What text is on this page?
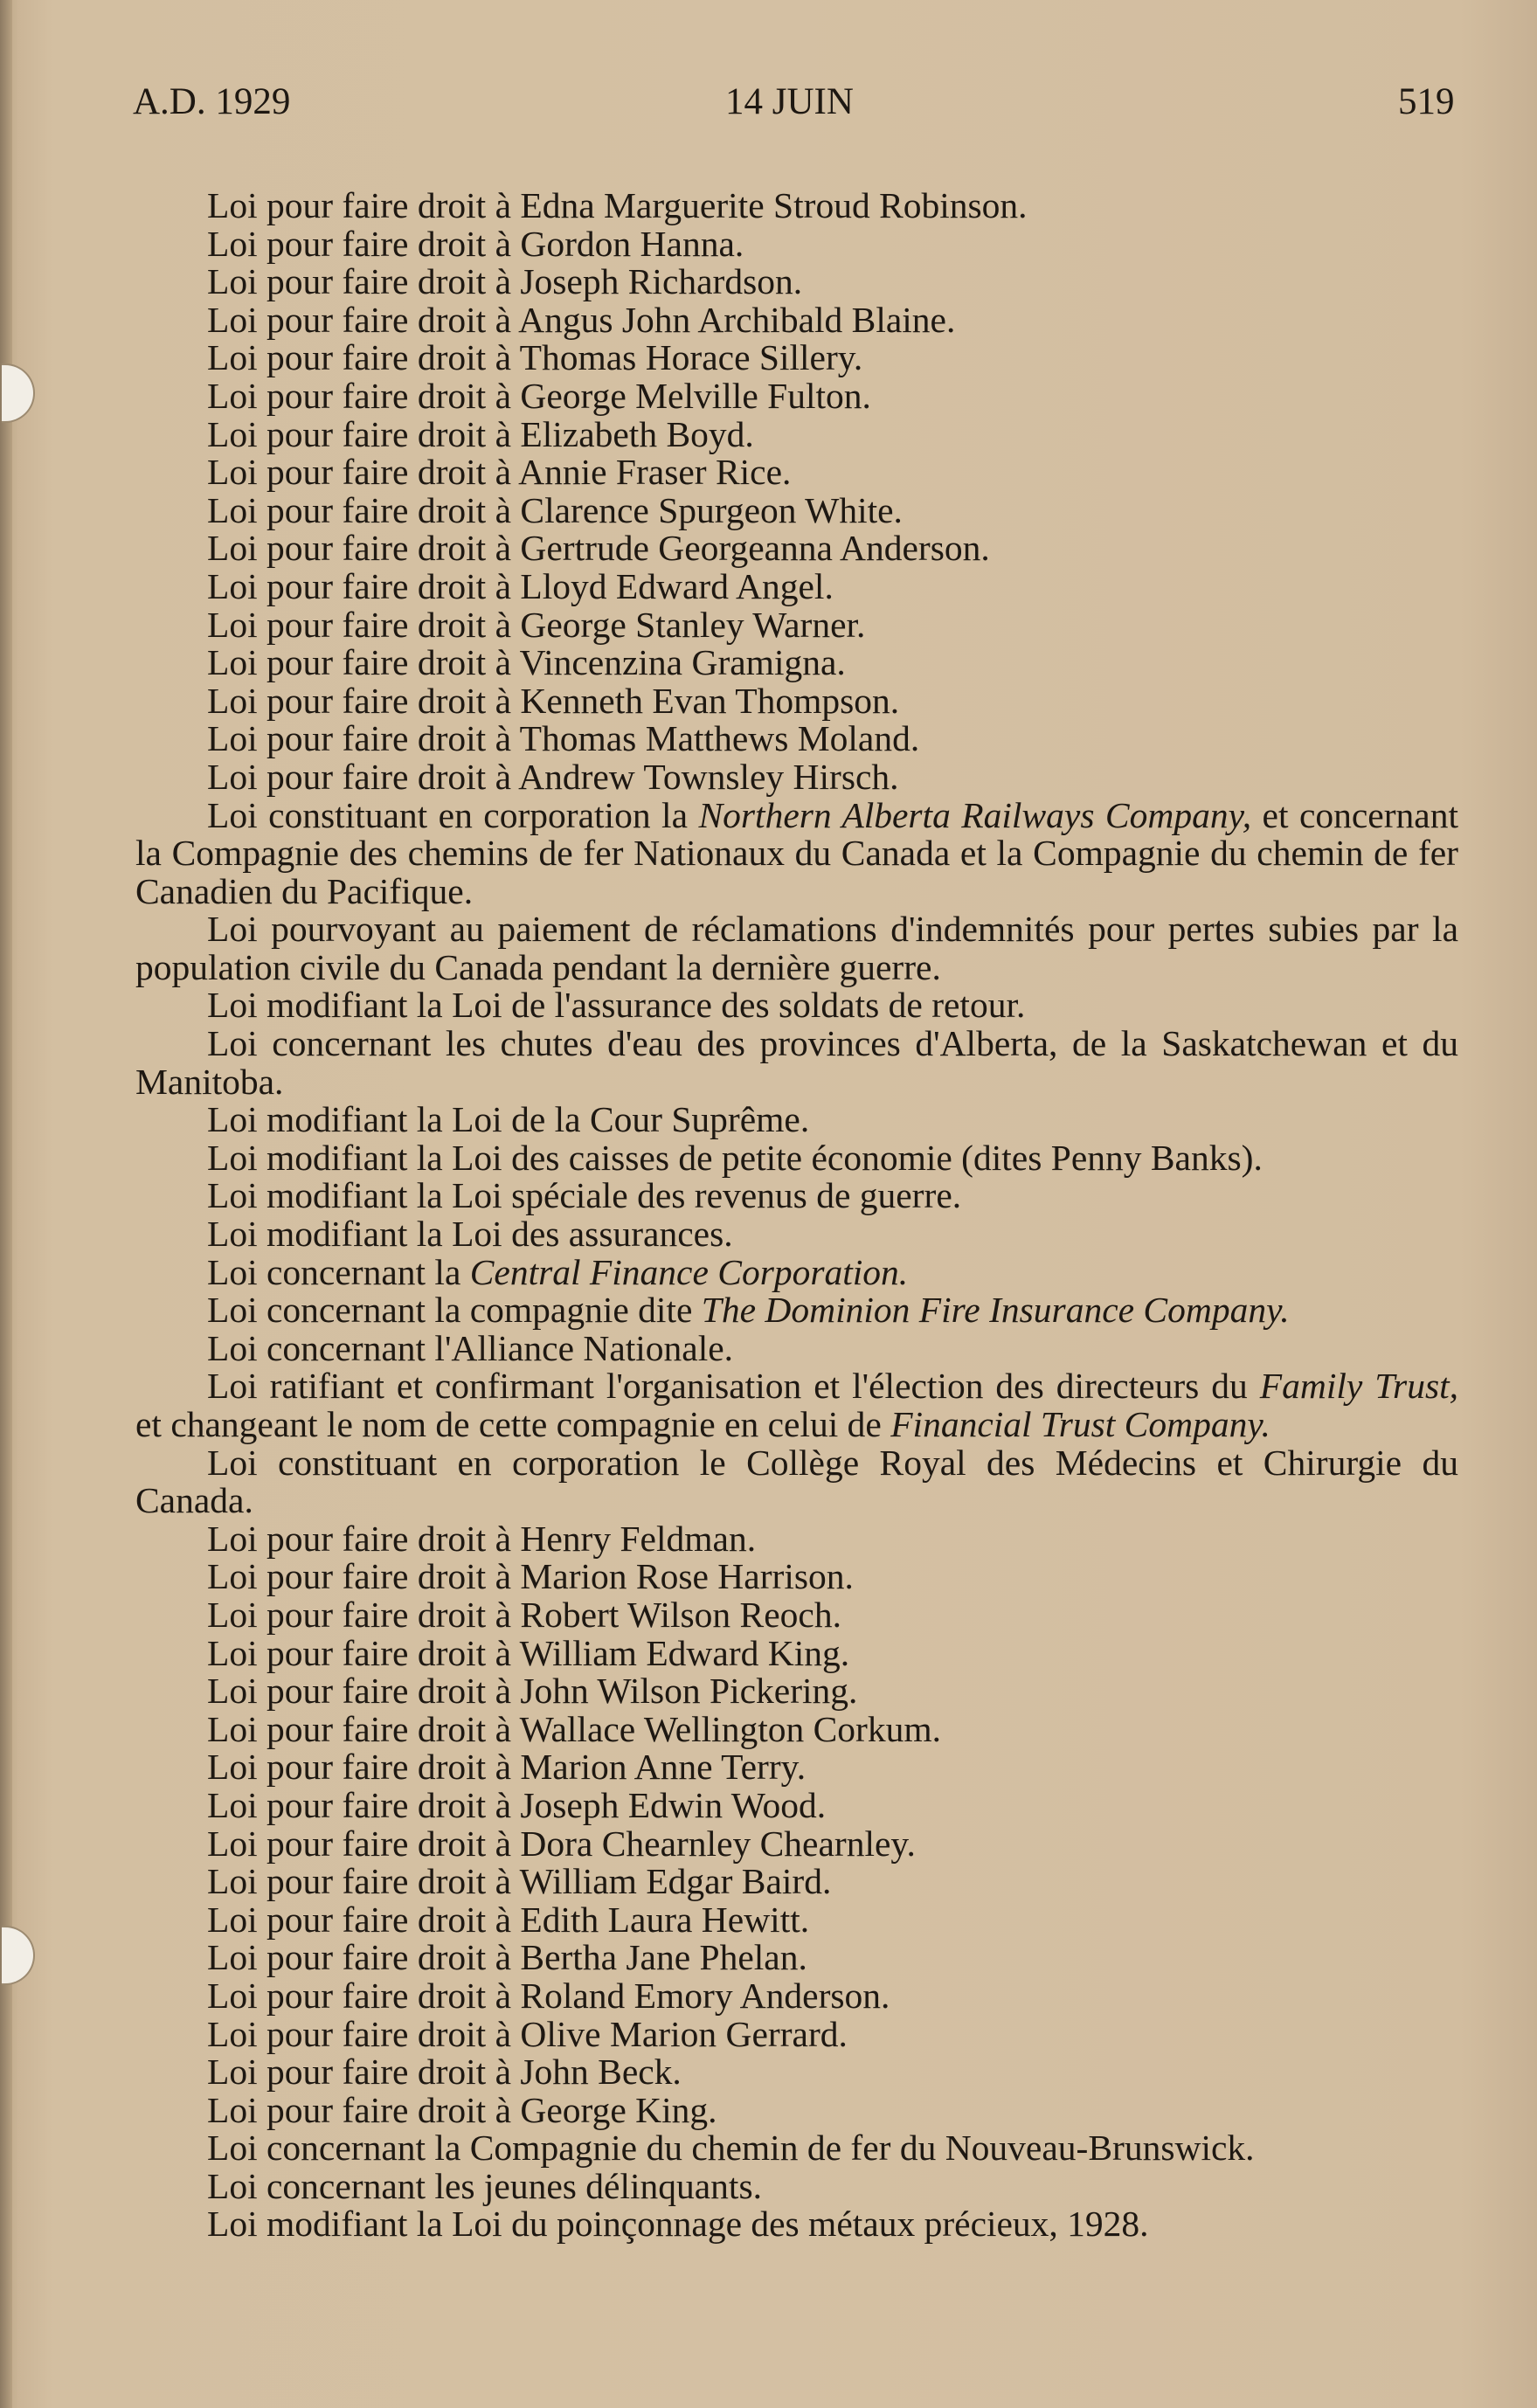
A.D. 1929	14 JUIN	519

Loi pour faire droit à Edna Marguerite Stroud Robinson.

Loi pour faire droit à Gordon Hanna.

Loi pour faire droit à Joseph Richardson.

Loi pour faire droit à Angus John Archibald Blaine.

Loi pour faire droit à Thomas Horace Sillery.

Loi pour faire droit à George Melville Fulton.

Loi pour faire droit à Elizabeth Boyd.

Loi pour faire droit à Annie Fraser Rice.

Loi pour faire droit à Clarence Spurgeon White.

Loi pour faire droit à Gertrude Georgeanna Anderson.

Loi pour faire droit à Lloyd Edward Angel.

Loi pour faire droit à George Stanley Warner.

Loi pour faire droit à Vincenzina Gramigna.

Loi pour faire droit à Kenneth Evan Thompson.

Loi pour faire droit à Thomas Matthews Moland.

Loi pour faire droit à Andrew Townsley Hirsch.

Loi constituant en corporation la Northern Alberta Railways Company, et concernant la Compagnie des chemins de fer Nationaux du Canada et la Compagnie du chemin de fer Canadien du Pacifique.

Loi pourvoyant au paiement de réclamations d'indemnités pour pertes subies par la population civile du Canada pendant la dernière guerre.

Loi modifiant la Loi de l'assurance des soldats de retour.

Loi concernant les chutes d'eau des provinces d'Alberta, de la Saskatchewan et du Manitoba.

Loi modifiant la Loi de la Cour Suprême.

Loi modifiant la Loi des caisses de petite économie (dites Penny Banks).

Loi modifiant la Loi spéciale des revenus de guerre.

Loi modifiant la Loi des assurances.

Loi concernant la Central Finance Corporation.

Loi concernant la compagnie dite The Dominion Fire Insurance Company.

Loi concernant l'Alliance Nationale.

Loi ratifiant et confirmant l'organisation et l'élection des directeurs du Family Trust, et changeant le nom de cette compagnie en celui de Financial Trust Company.

Loi constituant en corporation le Collège Royal des Médecins et Chirurgie du Canada.

Loi pour faire droit à Henry Feldman.

Loi pour faire droit à Marion Rose Harrison.

Loi pour faire droit à Robert Wilson Reoch.

Loi pour faire droit à William Edward King.

Loi pour faire droit à John Wilson Pickering.

Loi pour faire droit à Wallace Wellington Corkum.

Loi pour faire droit à Marion Anne Terry.

Loi pour faire droit à Joseph Edwin Wood.

Loi pour faire droit à Dora Chearnley Chearnley.

Loi pour faire droit à William Edgar Baird.

Loi pour faire droit à Edith Laura Hewitt.

Loi pour faire droit à Bertha Jane Phelan.

Loi pour faire droit à Roland Emory Anderson.

Loi pour faire droit à Olive Marion Gerrard.

Loi pour faire droit à John Beck.

Loi pour faire droit à George King.

Loi concernant la Compagnie du chemin de fer du Nouveau-Brunswick.

Loi concernant les jeunes délinquants.

Loi modifiant la Loi du poinçonnage des métaux précieux, 1928.
